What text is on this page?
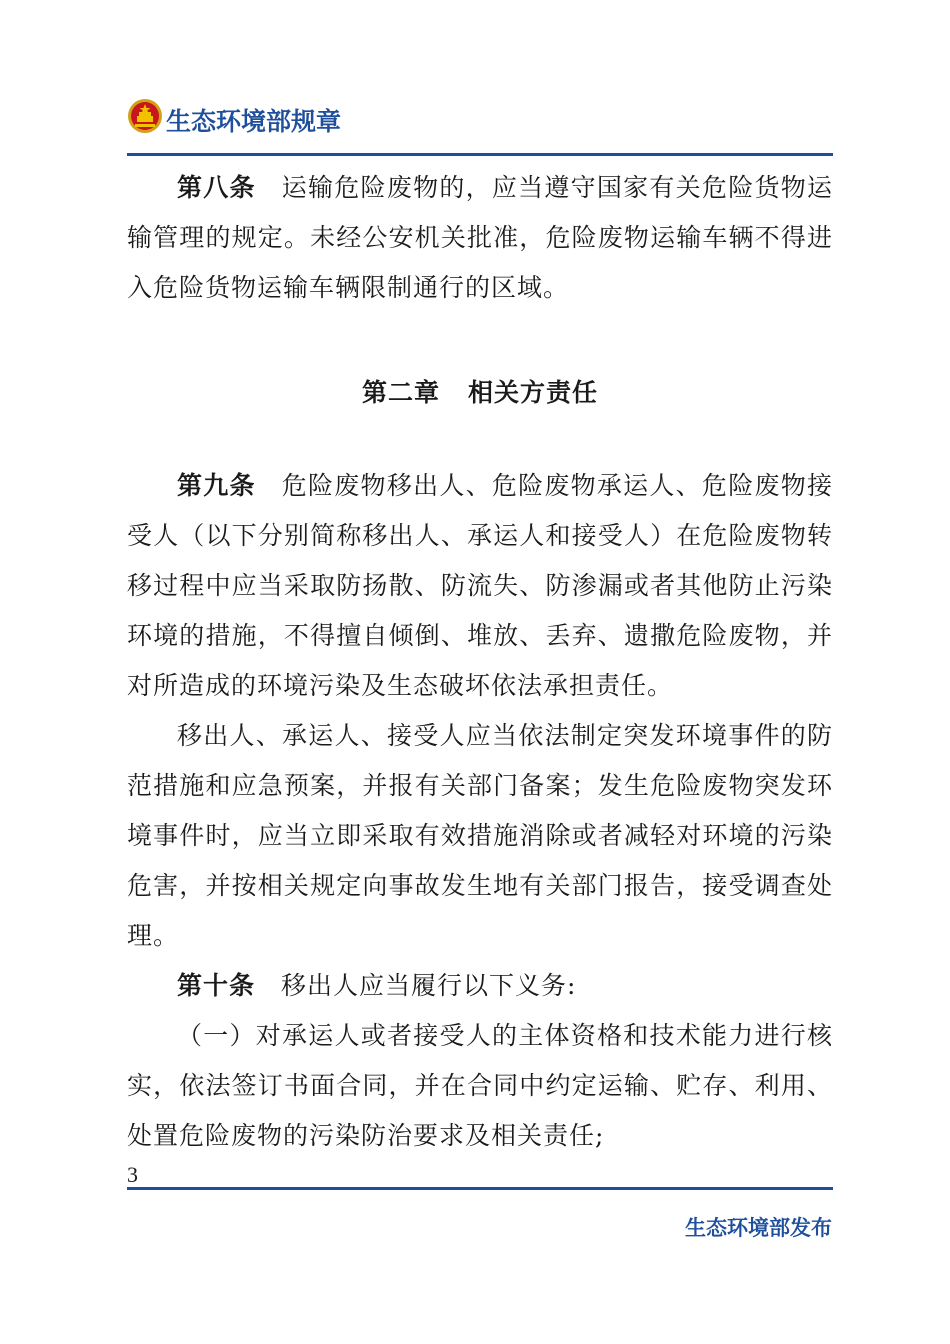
生态环境部规章

第八条 运输危险废物的，应当遵守国家有关危险货物运输管理的规定。未经公安机关批准，危险废物运输车辆不得进入危险货物运输车辆限制通行的区域。

第二章 相关方责任

第九条 危险废物移出人、危险废物承运人、危险废物接受人（以下分别简称移出人、承运人和接受人）在危险废物转移过程中应当采取防扬散、防流失、防渗漏或者其他防止污染环境的措施，不得擅自倾倒、堆放、丢弃、遗撒危险废物，并对所造成的环境污染及生态破坏依法承担责任。

移出人、承运人、接受人应当依法制定突发环境事件的防范措施和应急预案，并报有关部门备案；发生危险废物突发环境事件时，应当立即采取有效措施消除或者减轻对环境的污染危害，并按相关规定向事故发生地有关部门报告，接受调查处理。

第十条 移出人应当履行以下义务:

（一）对承运人或者接受人的主体资格和技术能力进行核实，依法签订书面合同，并在合同中约定运输、贮存、利用、处置危险废物的污染防治要求及相关责任;

3
生态环境部发布
